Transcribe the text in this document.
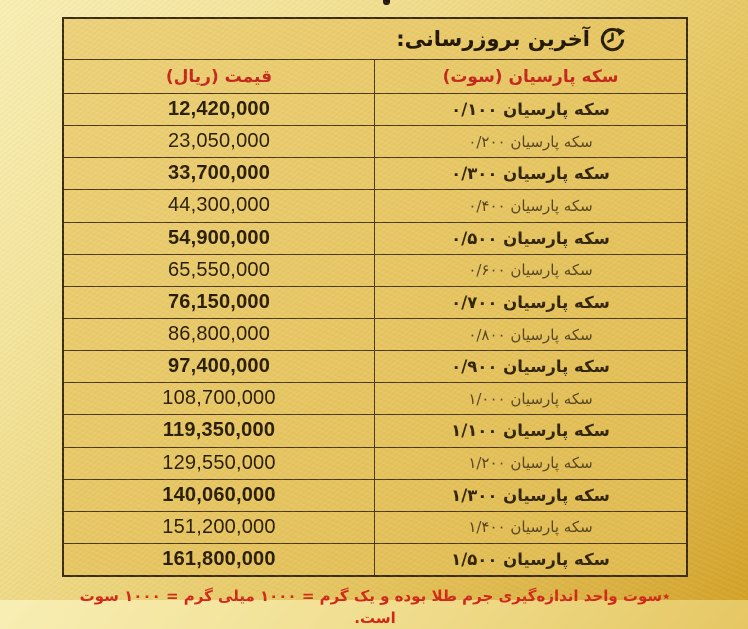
آخرین بروزرسانی:
قیمت (ریال)	سکه پارسیان (سوت)
12,420,000	سکه پارسیان ۰/۱۰۰
23,050,000	سکه پارسیان ۰/۲۰۰
33,700,000	سکه پارسیان ۰/۳۰۰
44,300,000	سکه پارسیان ۰/۴۰۰
54,900,000	سکه پارسیان ۰/۵۰۰
65,550,000	سکه پارسیان ۰/۶۰۰
76,150,000	سکه پارسیان ۰/۷۰۰
86,800,000	سکه پارسیان ۰/۸۰۰
97,400,000	سکه پارسیان ۰/۹۰۰
108,700,000	سکه پارسیان ۱/۰۰۰
119,350,000	سکه پارسیان ۱/۱۰۰
129,550,000	سکه پارسیان ۱/۲۰۰
140,060,000	سکه پارسیان ۱/۳۰۰
151,200,000	سکه پارسیان ۱/۴۰۰
161,800,000	سکه پارسیان ۱/۵۰۰
٭سوت واحد اندازه‌گیری جرم طلا بوده و یک گرم = ۱۰۰۰ میلی گرم = ۱۰۰۰ سوت است.
